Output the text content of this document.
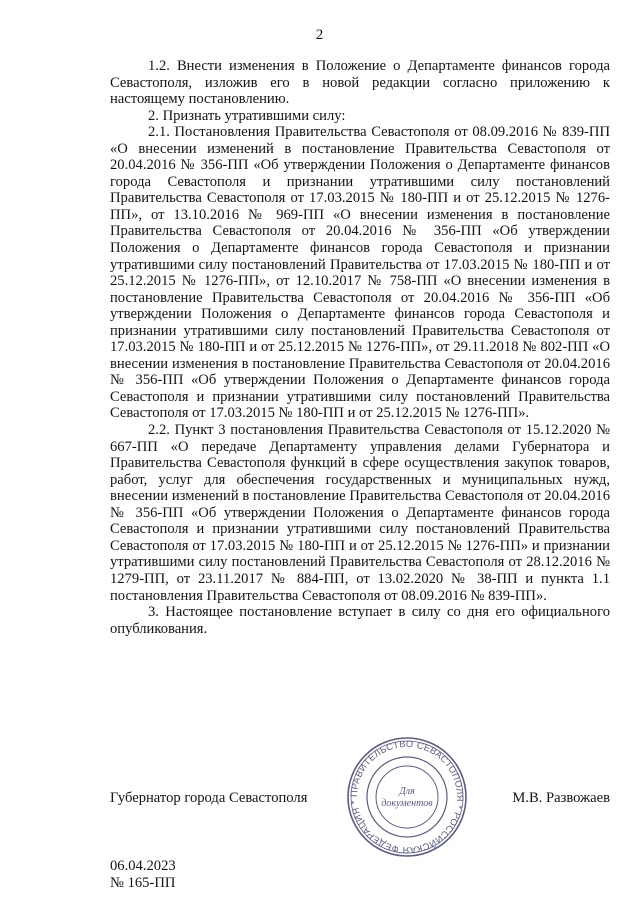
2

1.2. Внести изменения в Положение о Департаменте финансов города Севастополя, изложив его в новой редакции согласно приложению к настоящему постановлению.

2. Признать утратившими силу:

2.1. Постановления Правительства Севастополя от 08.09.2016 № 839-ПП «О внесении изменений в постановление Правительства Севастополя от 20.04.2016 № 356-ПП «Об утверждении Положения о Департаменте финансов города Севастополя и признании утратившими силу постановлений Правительства Севастополя от 17.03.2015 № 180-ПП и от 25.12.2015 № 1276-ПП», от 13.10.2016 № 969-ПП «О внесении изменения в постановление Правительства Севастополя от 20.04.2016 № 356-ПП «Об утверждении Положения о Департаменте финансов города Севастополя и признании утратившими силу постановлений Правительства от 17.03.2015 № 180-ПП и от 25.12.2015 № 1276-ПП», от 12.10.2017 № 758-ПП «О внесении изменения в постановление Правительства Севастополя от 20.04.2016 № 356-ПП «Об утверждении Положения о Департаменте финансов города Севастополя и признании утратившими силу постановлений Правительства Севастополя от 17.03.2015 № 180-ПП и от 25.12.2015 № 1276-ПП», от 29.11.2018 № 802-ПП «О внесении изменения в постановление Правительства Севастополя от 20.04.2016 № 356-ПП «Об утверждении Положения о Департаменте финансов города Севастополя и признании утратившими силу постановлений Правительства Севастополя от 17.03.2015 № 180-ПП и от 25.12.2015 № 1276-ПП».

2.2. Пункт 3 постановления Правительства Севастополя от 15.12.2020 № 667-ПП «О передаче Департаменту управления делами Губернатора и Правительства Севастополя функций в сфере осуществления закупок товаров, работ, услуг для обеспечения государственных и муниципальных нужд, внесении изменений в постановление Правительства Севастополя от 20.04.2016 № 356-ПП «Об утверждении Положения о Департаменте финансов города Севастополя и признании утратившими силу постановлений Правительства Севастополя от 17.03.2015 № 180-ПП и от 25.12.2015 № 1276-ПП» и признании утратившими силу постановлений Правительства Севастополя от 28.12.2016 № 1279-ПП, от 23.11.2017 № 884-ПП, от 13.02.2020 № 38-ПП и пункта 1.1 постановления Правительства Севастополя от 08.09.2016 № 839-ПП».

3. Настоящее постановление вступает в силу со дня его официального опубликования.

Губернатор города Севастополя	М.В. Развожаев
ПРАВИТЕЛЬСТВО СЕВАСТОПОЛЯ * РОССИЙСКАЯ ФЕДЕРАЦИЯ *
Для
документов
06.04.2023
№ 165-ПП
